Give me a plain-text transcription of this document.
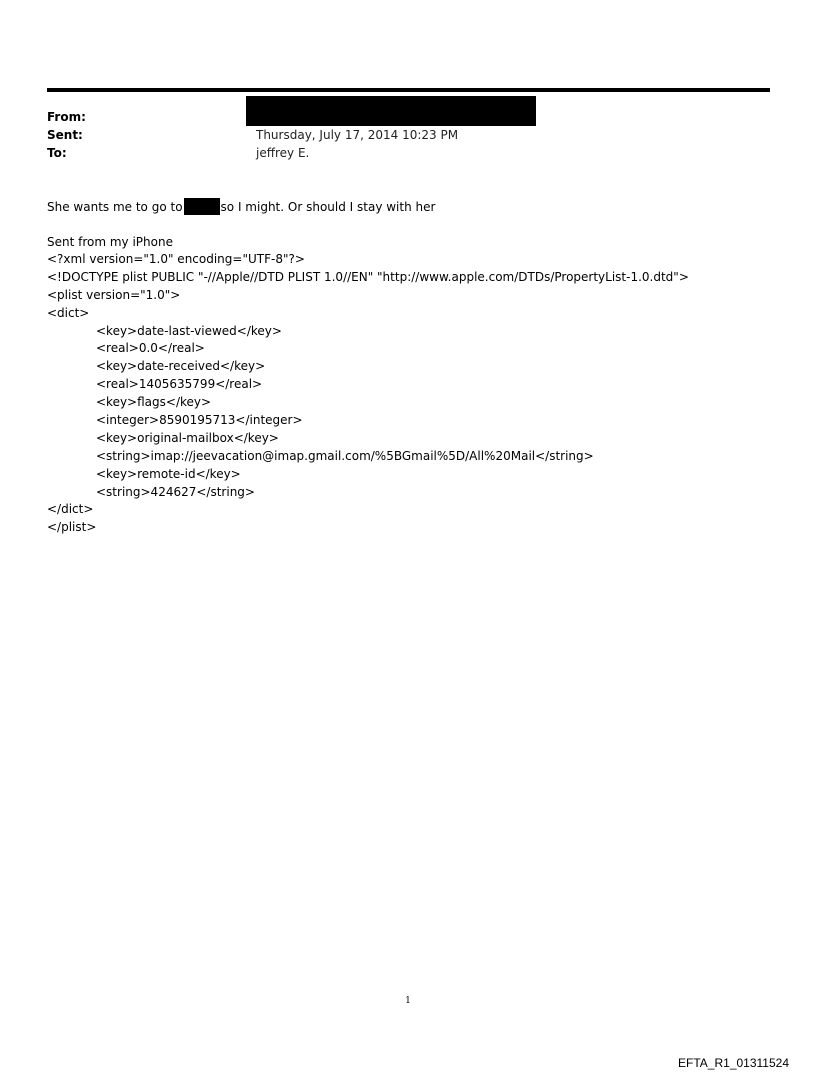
From:
Sent:	Thursday, July 17, 2014 10:23 PM
To:	jeffrey E.
She wants me to go to	so I might. Or should I stay with her
Sent from my iPhone
<?xml version="1.0" encoding="UTF-8"?>
<!DOCTYPE plist PUBLIC "-//Apple//DTD PLIST 1.0//EN" "http://www.apple.com/DTDs/PropertyList-1.0.dtd">
<plist version="1.0">
<dict>
<key>date-last-viewed</key>
<real>0.0</real>
<key>date-received</key>
<real>1405635799</real>
<key>flags</key>
<integer>8590195713</integer>
<key>original-mailbox</key>
<string>imap://jeevacation@imap.gmail.com/%5BGmail%5D/All%20Mail</string>
<key>remote-id</key>
<string>424627</string>
</dict>
</plist>
1
EFTA_R1_01311524
